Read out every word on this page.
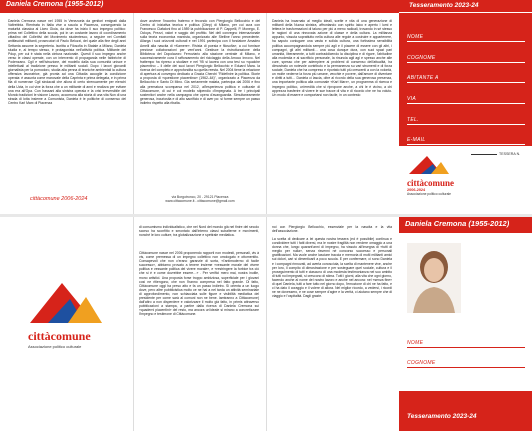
Daniela Cremona (1955-2012)
Daniela Cremona nasce nel 1955 in Venezuela da genitori emigrati dalla Valtrebbia. Rientrata in Italia vive a scuola a Piacenza, conseguendo la maturità classica al Liceo Gioia, da dove ha inizio il suo impegno politico: prima nel Collettivo della scuola, poi in un costante lavoro di coordinamento cittadino dei Collettivi dei Movimento studentesco, a seguire nei Comitati antifascisti militanti, prosecutori di Paolo Beluzzi, del quale alla fine degli anni Settanta assume la segreteria. Iscritta a Filosofia in Statale a Milano, Daniela studia e, al tempo stesso, è protagonista nell'attività politica. Militante del Pdup, per cui è stata nella cintura nazionale. Questi il suo impegno anche verso le classi operaie, con un intervento di propaganda nelle fabbriche di Podenzano. Cgil e nell'istruzione, del modello dalla sua comunità unisce e intellettuali al tradizione presso le militanti sociali. Dopo i lavori giovanili giornalista per la pomodoro, studia alla penna di tecniche ambientali la cultura offensiva lavoratrice, già pronta ad una Cittadia accoglie la condizione operaia: è assunta come manovale della Caprinta e prima delegata, e in prima fila di numerose Cgil sindacali che allora di certo strenuamente per elenchi della Ucta, in cui vive la forza che a un militante di anni e realizza per evitare una era all'Opa. Con Irassani alla sinistra operaia e la crisi irreversibile del Mondo tradizioni le visione Lavoro, accomuna alla storia di una vita Non di una strada di lotta insieme a Comunista, Daniela è le politiche di consenso del Centro Karl Marx di Piacenza
cittàcomune 2006-2024
dove avviene l'incontro fraterno e fecondo con Piergiorgio Bellocchio e del Centro di iniziativa teorica e politica (Citep) di Milano, per cui cura con Francesco Ciafaloni fino al 1989 la pubblicazione di P. Cappelli, P. Monego, E. Ocloya, Prezzi, valori e saggio del profitto. Nel dell convegno internazionale sulla teoria economica marxista, organizzato alle Stelline l'anno precedente. Allarga i suoi orizzonti culturali e nel 1991 partecipa con il fondatore Amadeo Amelli alla nascita di «Kamere». Rivista di poesia e filosofia», a cui fornisce preziose collaborazioni per vent'anni. Gestisce la ristrutturazione della Biblioteca del Dopolavoro Ferroviario alla stazione centrale di Milano, e successivamente cura il rafforzamento dei riciclaggio della Amoco Innovo. Nel frattempo ha ripreso a studiare e nel '95 si laurea con una tesi su «qualche piacentino – il delle dei suoi lavori Piergiorgio Bellocchio e Eduard Mara. la ricerca del completo e approfondita su quella reesta. Nel 2004 tiene la relazione di apertura al convegno dedicato a Grazia Cherchi "Ridefinire la politica. Storie a proposta di «questione piacentina» (1962–64)", organizzato a Piacenza da Bellocchio e Santo Di Mino. Gia seriamente malata, partecipa dal 2006 e fino alla prematura scomparsa nel 2012, all'esperienza politica e culturale di Cittacomune, di cui è col modello stipendio d'impegnata. A tre i principali sostenitori anche nella campagna che opera d'avanguardia. Simultaneamente generosa, incuriosita e di alto sacrificio e di aver po: si forme sempre un passo indietro rispetto alla ribalta.
via Borgotronco, 20 - 29121 Piacenza
www.cittacomune.it - cittacomune@gmail.com
Daniela ha incarnato al meglio ideali, scelte e vita di una generazione di militanti della Nuova sinistra, affrontando con spirito laico e aperto i lumi e lettera le trasformazioni di taluno per più a meno radicali, trovando in sé stesso le ragioni di una rinnovata azione di classe e della cultura. La militanza appunto, vissuta soprattutto nella cultura alle regole a costruire e appartenere, ha saputo coniugare una vasta e solida cultura, una fortissima sensibilità politica accompagnandola sempre più agli e il piacere di essere con gli altri, i compagni, gli altri militanti… una cosa dunque dura, con suoi spazi pari umanità, liberamente, a tutti contraddicendo la disciplina e di rigore, l'abitudine alla modestia e al sacrificio personale, la rinuncia agli agi e spesso anche alle cure, spesso che per adempiere ai problemi di consenso dell'attualità, ha dimostrato un notevole contributo e la permanenza su vari strumenti e di forza sociale, Daniela che ha compreso e riportato tutti più crescenti a con la volontà, un molte vederne la forza più umane, vecchie e povere, dall'amore di diventare e diritti a tutti… Daniela ci lascia, oltre al ricordo della sua generosa presenza, una importante politica alla comunale «Karl Marx», un programma di ricerca e impegno politico, un'eredità che si ripropone anche, a chi le è vicino, a chi apprezza trasferire di vivere le sue tracce di vita e di ricordo che ne ha voluto. Un modo di essere e comportarsi non facile, in un contesto
Tesseramento 2023-24
NOME
COGNOME
ABITANTE A
VIA
TEL.
E-MAIL
cittàcomune
2006-2024
Associazione politico culturale
TESSERA N.
cittàcomune
Associazione politico culturale
di consumismo individualistico, che nel Nord del mondo già nel finire del secolo scorso ha sconfitto e smontato dall'interno classi subalterne e movimenti, nonché le loro culture, tra globalizzazione e spettrale mediatica.
Cittàcomune nasce nel 2006 proponendo rapporti non modesti, personali, vis à vis, come premessa di un impegno collettivo non omologato e ottomentito. Consapevoli che non c'erano garanzie di sorta, «l'antimoderno di facile successo», abbiamo provato a tenere insieme «vessante morale del vivere politica e vessante politica del vivere morale», e «restringere la forbice tra ciò che si è e come dovrebbe essere…» . Per verifici mero mai, nostra inutile, mono artistici. Una proposta forse troppo ambiziosa, superficiale per i giovani così ne ritiengono, che non l'hanno compresa nel fatto grande. Di fatto, Cittàcomune oggi ha preso atto e fa un passo indietro. Si orienta a un luogo dove, pero altre pubblicistica molto ce ne hai a nel tarda un attività seminariale di approfondimento, non schiacciata sulle figure e visibilità mediatica del presidente per come sarà al comuni non ne bene. lamtranno a Cittàcomune) dall'altro a non disperdere e valorizzare il molto già fatto, in primis attraverso pubblicazioni a stampa, a partire dalla ricerca di Daniela Cremona sui «quaderni piacentini» del resto, ma ancora un'ideale si mirano a concretizzare l'impegno e testimone di Cittàcomune.
noi con Piergiorgio Bellocchio, essenziale per la nascita e la vita dell'associazione.
La scelta di dedicare a lei questa nostra tessera (ed è possibile) continua e condividere tutti i fatti diversi, ma le nostre fragilità non rendere omaggio a una donna che, lungo quarant'anni di impegno, ha vissuto all'insegna di «tutti di meglio per nulla», senza risvenni né concorso successo e personali gratificazioni. Ma vuole anche lasciare traccia e memoria di molti militanti amici sui dolori, cari si dimenticarli a poco scuola. E per confermare, ci sono Daniela e i compagni rinnovati, ad averla conosciuta, la scelta di mantenere vive, anche per loro, il compito di dimostrazione e per sosteguare quel sociale, cultura e il proseguimento di tutti e ciascuno di una modesta testimonianza nel suo ambito di tutti noi impegnati, si crescono di stima. Tutti i giorni, alla vita che ogni giorno, facendo anche al nome del nostro lavoro e anche nel ancora: nel «senza fine» di quel Daniela, tutti a fare tutto nel giorno dopo, l'emozione di chi ne ha fatto, e ci ha dato il coraggio e il volere di allora. Nel miglior ricordo, a vedersi, i ricordi ne ne dovessero, e ne cose sempre d'agire e la verità, ci aiutano sempre che di viaggio e l'ospitalità. Dagli grazie.
Daniela Cremona (1955-2012)
NOME
COGNOME
Tesseramento 2023-24
